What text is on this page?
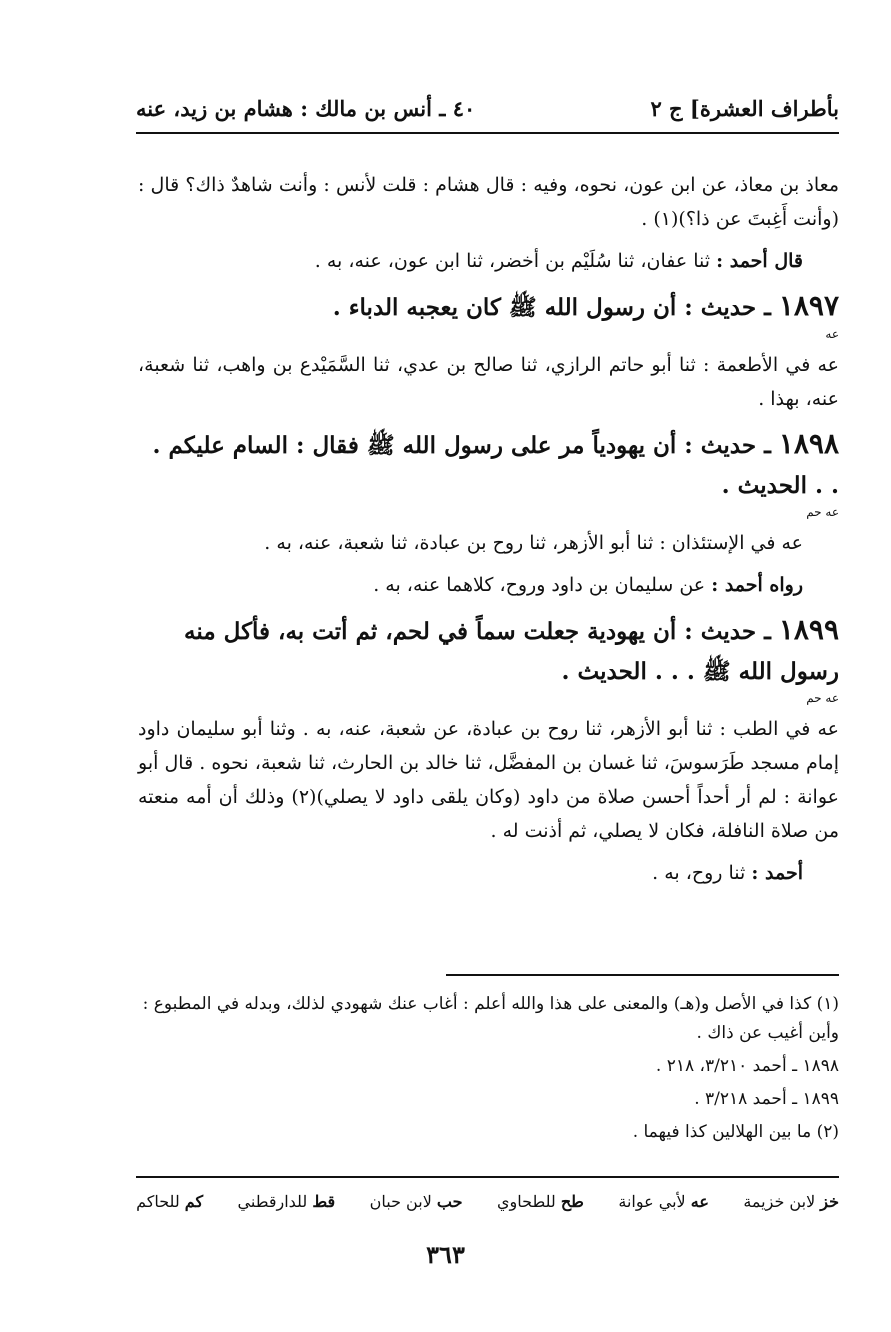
بأطراف العشرة] ج ٢
٤٠ ـ أنس بن مالك : هشام بن زيد، عنه

معاذ بن معاذ، عن ابن عون، نحوه، وفيه : قال هشام : قلت لأنس : وأنت شاهدٌ ذاك؟ قال : (وأنت أَغِبتَ عن ذا؟)(١) .

قال أحمد : ثنا عفان، ثنا سُلَيْم بن أخضر، ثنا ابن عون، عنه، به .

١٨٩٧ ـ حديث : أن رسول الله ﷺ كان يعجبه الدباء .
عه

عه في الأطعمة : ثنا أبو حاتم الرازي، ثنا صالح بن عدي، ثنا السَّمَيْدع بن واهب، ثنا شعبة، عنه، بهذا .

١٨٩٨ ـ حديث : أن يهودياً مر على رسول الله ﷺ فقال : السام عليكم . . . الحديث .
عه حم

عه في الإستئذان : ثنا أبو الأزهر، ثنا روح بن عبادة، ثنا شعبة، عنه، به .

رواه أحمد : عن سليمان بن داود وروح، كلاهما عنه، به .

١٨٩٩ ـ حديث : أن يهودية جعلت سماً في لحم، ثم أتت به، فأكل منه رسول الله ﷺ . . . الحديث .
عه حم

عه في الطب : ثنا أبو الأزهر، ثنا روح بن عبادة، عن شعبة، عنه، به . وثنا أبو سليمان داود إمام مسجد طَرَسوسَ، ثنا غسان بن المفضَّل، ثنا خالد بن الحارث، ثنا شعبة، نحوه . قال أبو عوانة : لم أر أحداً أحسن صلاة من داود (وكان يلقى داود لا يصلي)(٢) وذلك أن أمه منعته من صلاة النافلة، فكان لا يصلي، ثم أذنت له .

أحمد : ثنا روح، به .

(١) كذا في الأصل و(هـ) والمعنى على هذا والله أعلم : أغاب عنك شهودي لذلك، وبدله في المطبوع : وأين أغيب عن ذاك .
١٨٩٨ ـ أحمد ٣/٢١٠، ٢١٨ .
١٨٩٩ ـ أحمد ٣/٢١٨ .
(٢) ما بين الهلالين كذا فيهما .
خز لابن خزيمة
عه لأبي عوانة
طح للطحاوي
حب لابن حبان
قط للدارقطني
كم للحاكم
٣٦٣
